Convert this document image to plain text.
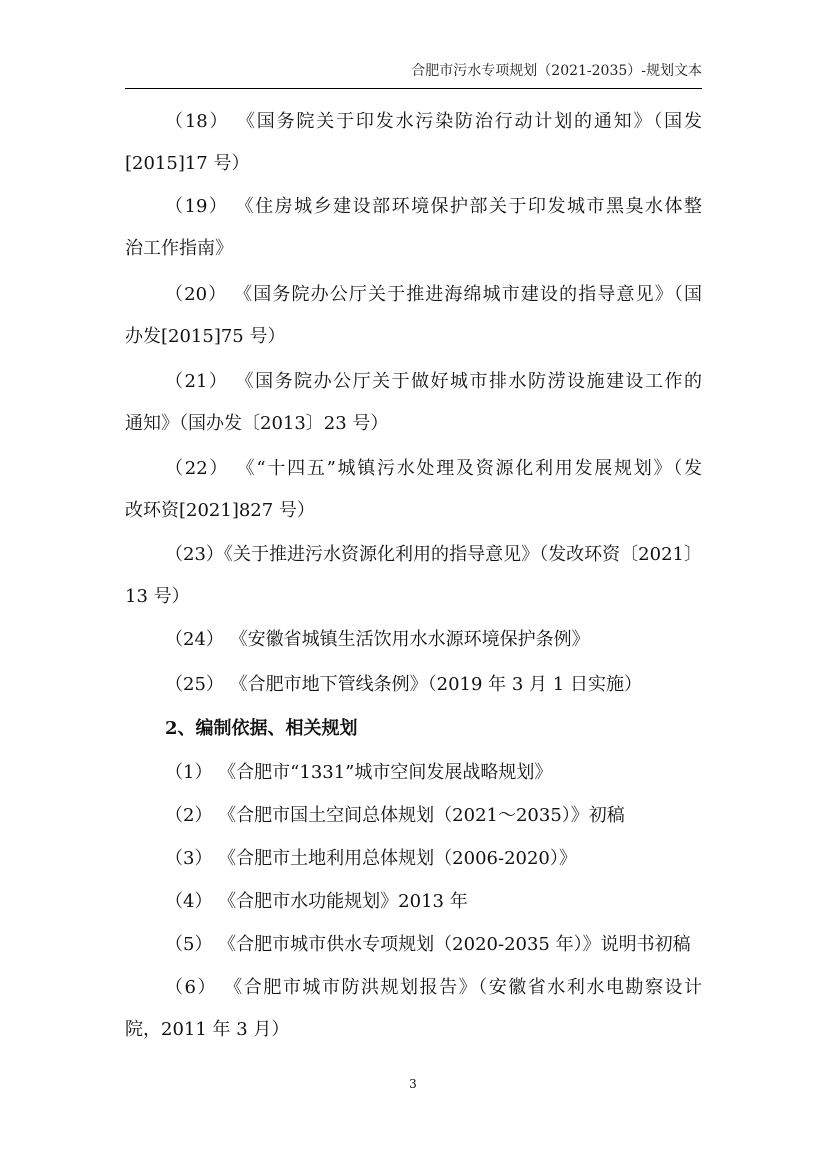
合肥市污水专项规划（2021-2035）-规划文本
（18） 《国务院关于印发水污染防治行动计划的通知》（国发
[2015]17 号）
（19） 《住房城乡建设部环境保护部关于印发城市黑臭水体整
治工作指南》
（20） 《国务院办公厅关于推进海绵城市建设的指导意见》（国
办发[2015]75 号）
（21） 《国务院办公厅关于做好城市排水防涝设施建设工作的
通知》（国办发〔2013〕23 号）
（22） 《“十四五”城镇污水处理及资源化利用发展规划》（发
改环资[2021]827 号）
（23）《关于推进污水资源化利用的指导意见》（发改环资〔2021〕
13 号）
（24） 《安徽省城镇生活饮用水水源环境保护条例》
（25） 《合肥市地下管线条例》（2019 年 3 月 1 日实施）
2、编制依据、相关规划
（1） 《合肥市“1331”城市空间发展战略规划》
（2） 《合肥市国土空间总体规划（2021～2035）》初稿
（3） 《合肥市土地利用总体规划（2006-2020）》
（4） 《合肥市水功能规划》2013 年
（5） 《合肥市城市供水专项规划（2020-2035 年）》说明书初稿
（6） 《合肥市城市防洪规划报告》（安徽省水利水电勘察设计
院，2011 年 3 月）
3
